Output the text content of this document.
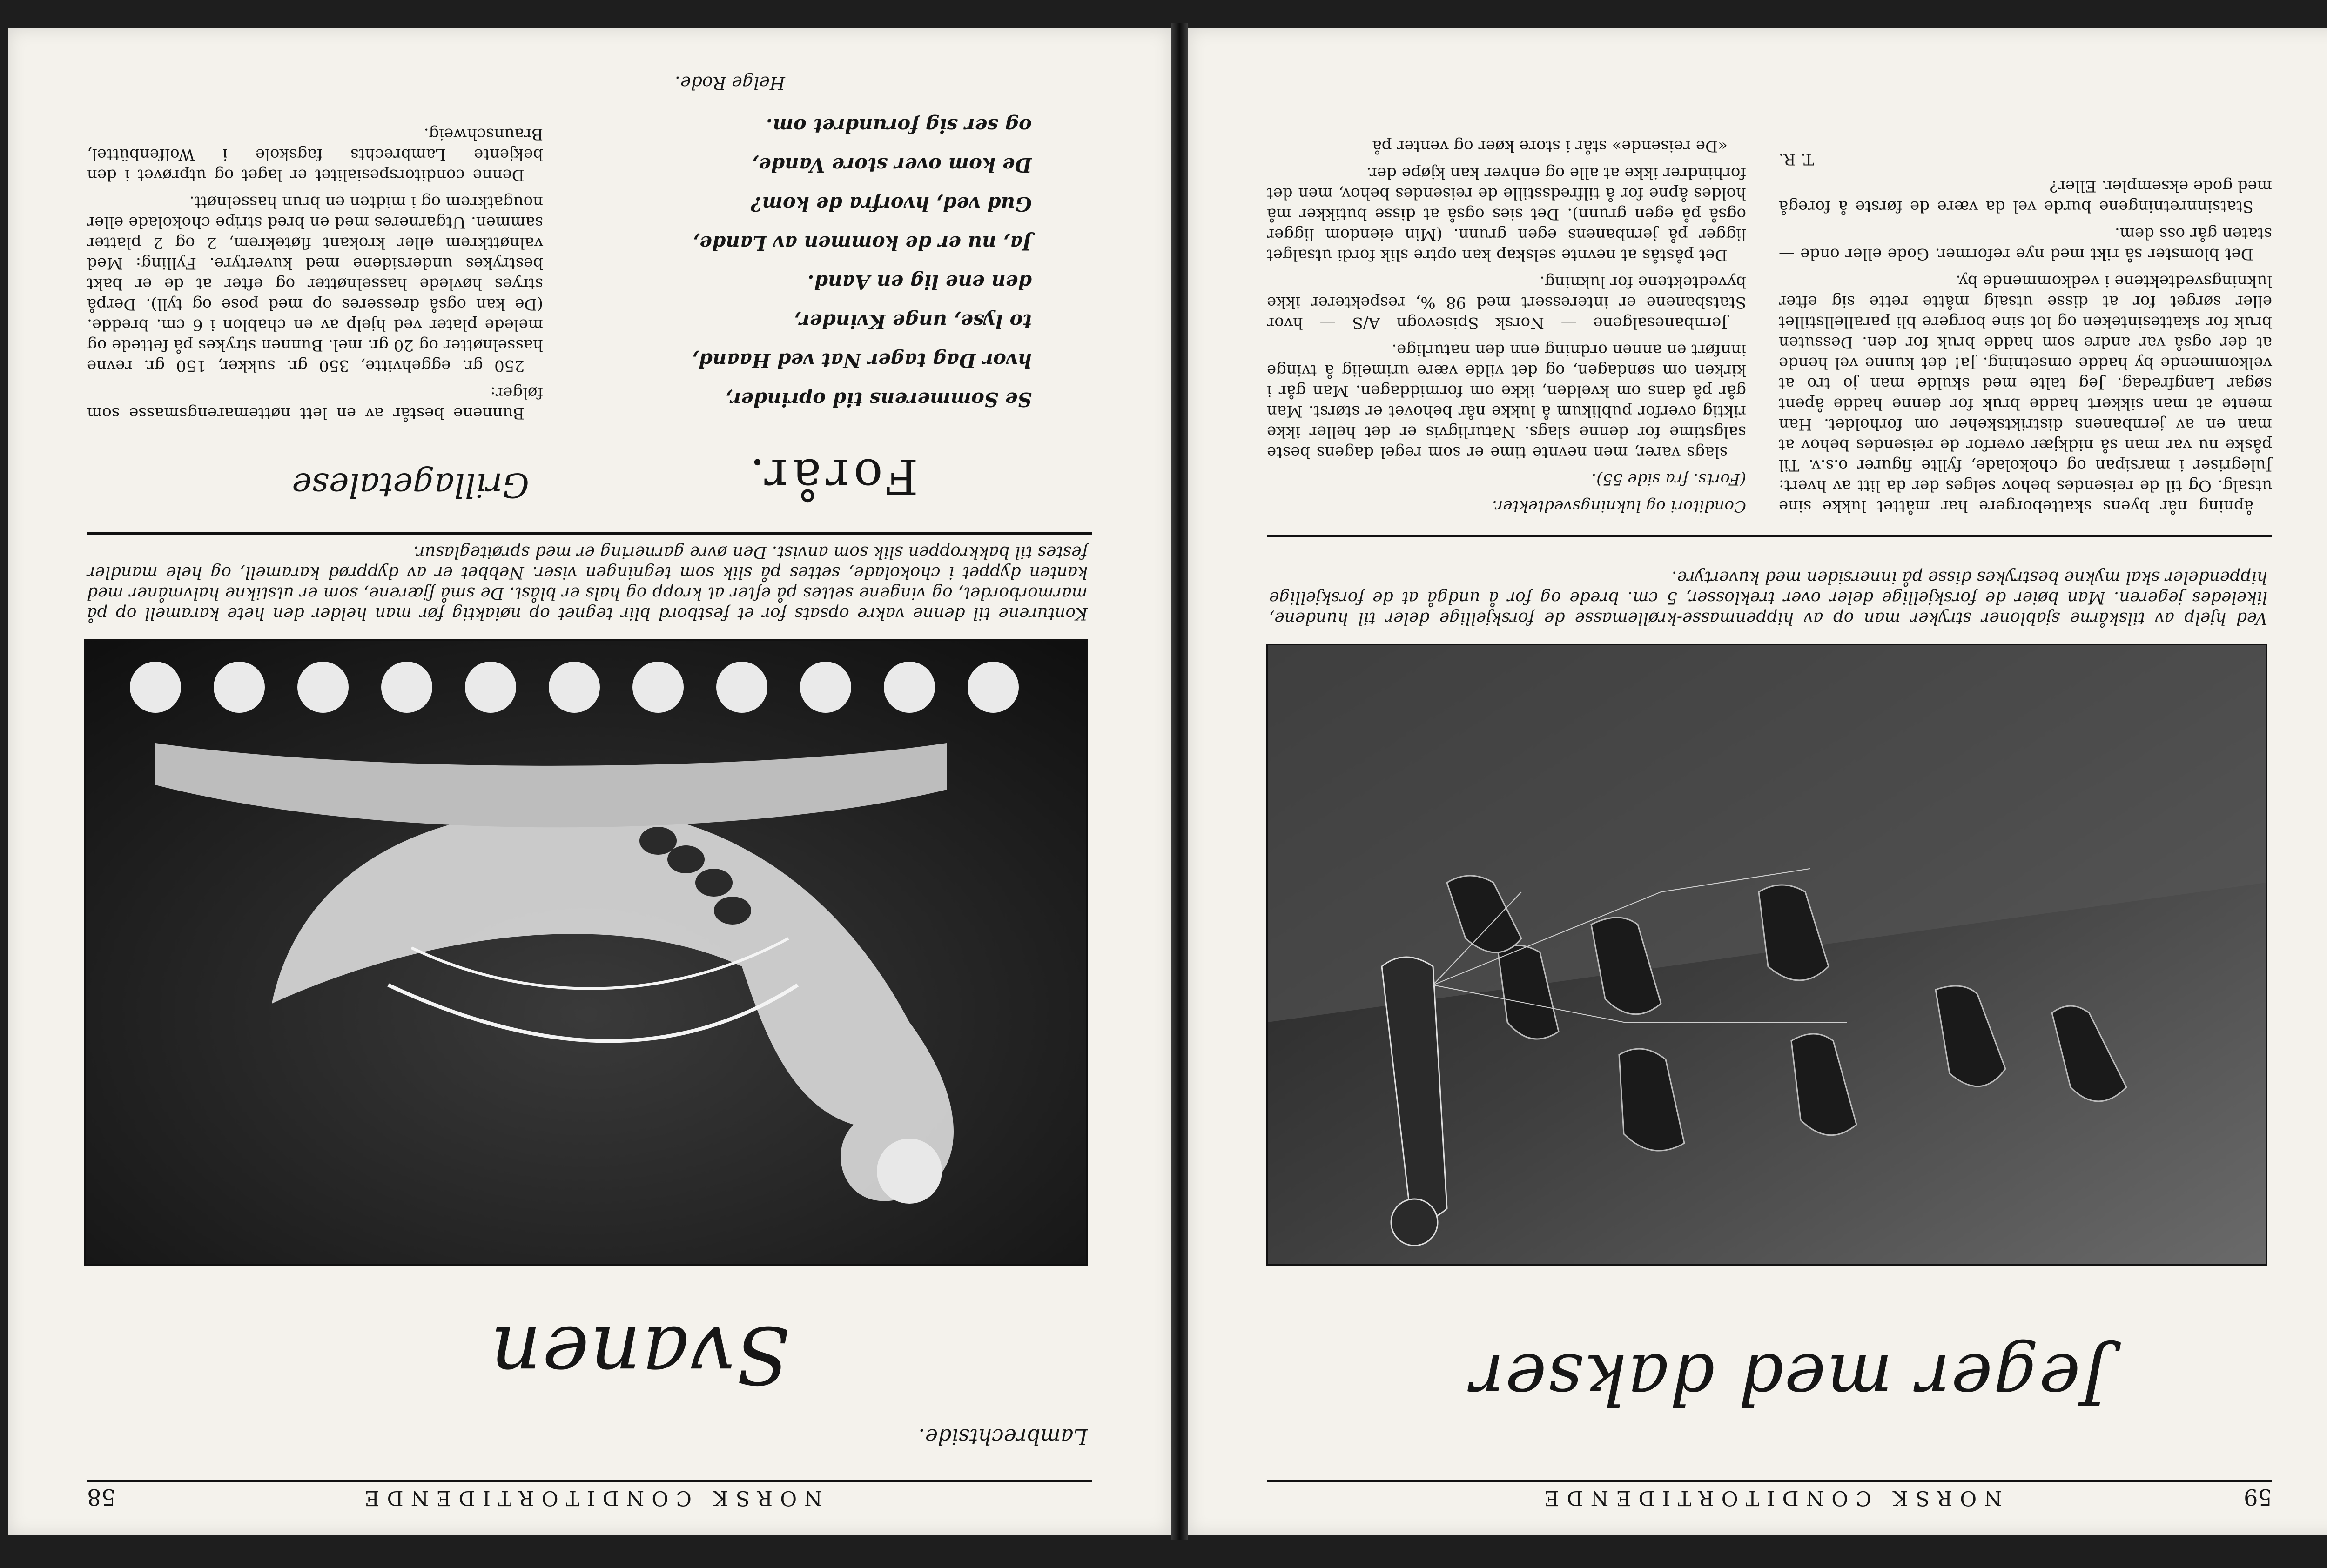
59
NORSK CONDITORTIDENDE
Jeger med dakser

Ved hjelp av tilskårne sjabloner stryker man op av hippenmasse-krøllemasse de forskjellige deler til hundene, likeledes jegeren. Man bøier de forskjellige deler over treklosser, 5 cm. brede og for å undgå at de forskjellige hippendeler skal mykne bestrykes disse på innersiden med kuvertyre.

Conditori og lukningsvedtekter.

(Forts. fra side 55).

slags varer, men nevnte time er som regel dagens beste salgstime for denne slags. Naturligvis er det heller ikke riktig overfor publikum å lukke når behovet er størst. Man går på dans om kvelden, ikke om formiddagen. Man går i kirken om søndagen, og det vilde være urimelig å tvinge innført en annen ordning enn den naturlige.

Jernbanesalgene — Norsk Spisevogn A/S — hvor Statsbanene er interessert med 98 %, respekterer ikke byvedtektene for lukning.

Det påstås at nevnte selskap kan optre slik fordi utsalget ligger på jernbanens egen grunn. (Min eiendom ligger også på egen grunn). Det sies også at disse butikker må holdes åpne for å tilfredsstille de reisendes behov, men det forhindrer ikke at alle og enhver kan kjøpe der.

«De reisende» står i store køer og venter på

åpning når byens skatteborgere har måttet lukke sine utsalg. Og til de reisendes behov selges der da litt av hvert: Julegriser i marsipan og chokolade, fyllte figurer o.s.v. Til påske nu var man så nidkjær overfor de reisendes behov at man en av jernbanens distriktskeher om forholdet. Han mente at man sikkert hadde bruk for denne hadde åpent søgar Langfredag. Jeg talte med skulde man jo tro at velkommende by hadde omsetning. Ja! det kunne vel hende at der også var andre som hadde bruk for den. Dessuten bruk for skattesinteken og lot sine borgere bli parallellstillet eller sørget for at disse utsalg måtte rette sig efter lukningsvedtektene i vedkommende by.

Det blomster så rikt med nye reformer. Gode eller onde — staten går oss dem.

Statsinnretningene burde vel da være de første å foregå med gode eksempler. Eller?

T. R.

NORSK CONDITORTIDENDE
58
Lambrechtside.
Svanen

Konturene til denne vakre opsats for et festbord blir tegnet op nøiaktig før man helder den hete karamell op på marmorbordet, og vingene settes på efter at kropp og hals er blåst. De små fjærene, som er utstikne halvmåner med kanten dyppet i chokolade, settes på slik som tegningen viser. Nebbet er av dypprød karamell, og hele mandler festes til bakkroppen slik som anvist. Den øvre garnering er med sprøiteglasur.

Forår.
Se Sommerens tid oprinder,
hvor Dag tager Nat ved Haand,
to lyse, unge Kvinder,
den ene lig en Aand.
Ja, nu er de kommen av Lande,
Gud ved, hvorfra de kom?
De kom over store Vande,
og ser sig forundret om.
Helge Rode.
Grillagetalese

Bunnene består av en lett nøttemarengsmasse som følger:

250 gr. eggehvitte, 350 gr. sukker, 150 gr. revne hasselnøtter og 20 gr. mel. Bunnen strykes på fettede og melede plater ved hjelp av en chablon i 6 cm. bredde. (De kan også dresseres op med pose og tyll). Derpå stryes høvlede hasselnøtter og efter at de er bakt bestrykes undersidene med kuvertyre. Fylling: Med valnøttkrem eller krokant fløtekrem, 2 og 2 platter sammen. Utgarnerеs med en bred stripe chokolade eller nougatkrem og i midten en brun hasselnøtt.

Denne conditorspesialitet er laget og utprøvet i den bekjente Lambrechts fagskole i Wolfenbüttel, Braunschweig.
